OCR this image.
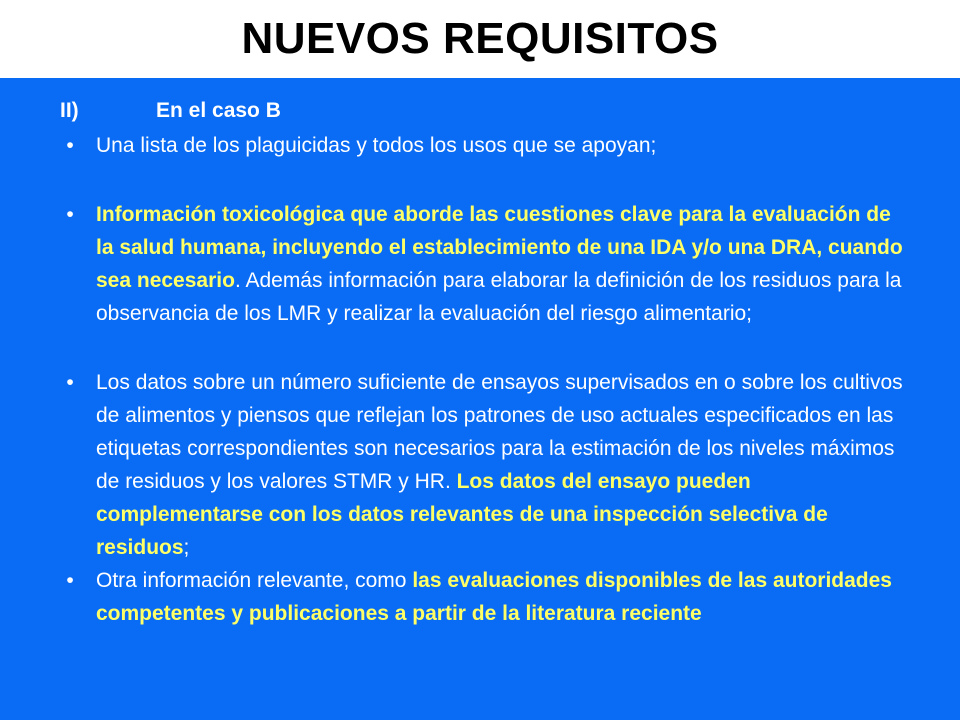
NUEVOS REQUISITOS
II)	En el caso B
•	Una lista de los plaguicidas y todos los usos que se apoyan;
•	Información toxicológica que aborde las cuestiones clave para la evaluación de la salud humana, incluyendo el establecimiento de una IDA y/o una DRA, cuando sea necesario. Además información para elaborar la definición de los residuos para la observancia de los LMR y realizar la evaluación del riesgo alimentario;
•	Los datos sobre un número suficiente de ensayos supervisados en o sobre los cultivos de alimentos y piensos que reflejan los patrones de uso actuales especificados en las etiquetas correspondientes son necesarios para la estimación de los niveles máximos de residuos y los valores STMR y HR. Los datos del ensayo pueden complementarse con los datos relevantes de una inspección selectiva de residuos;
•	Otra información relevante, como las evaluaciones disponibles de las autoridades competentes y publicaciones a partir de la literatura reciente
